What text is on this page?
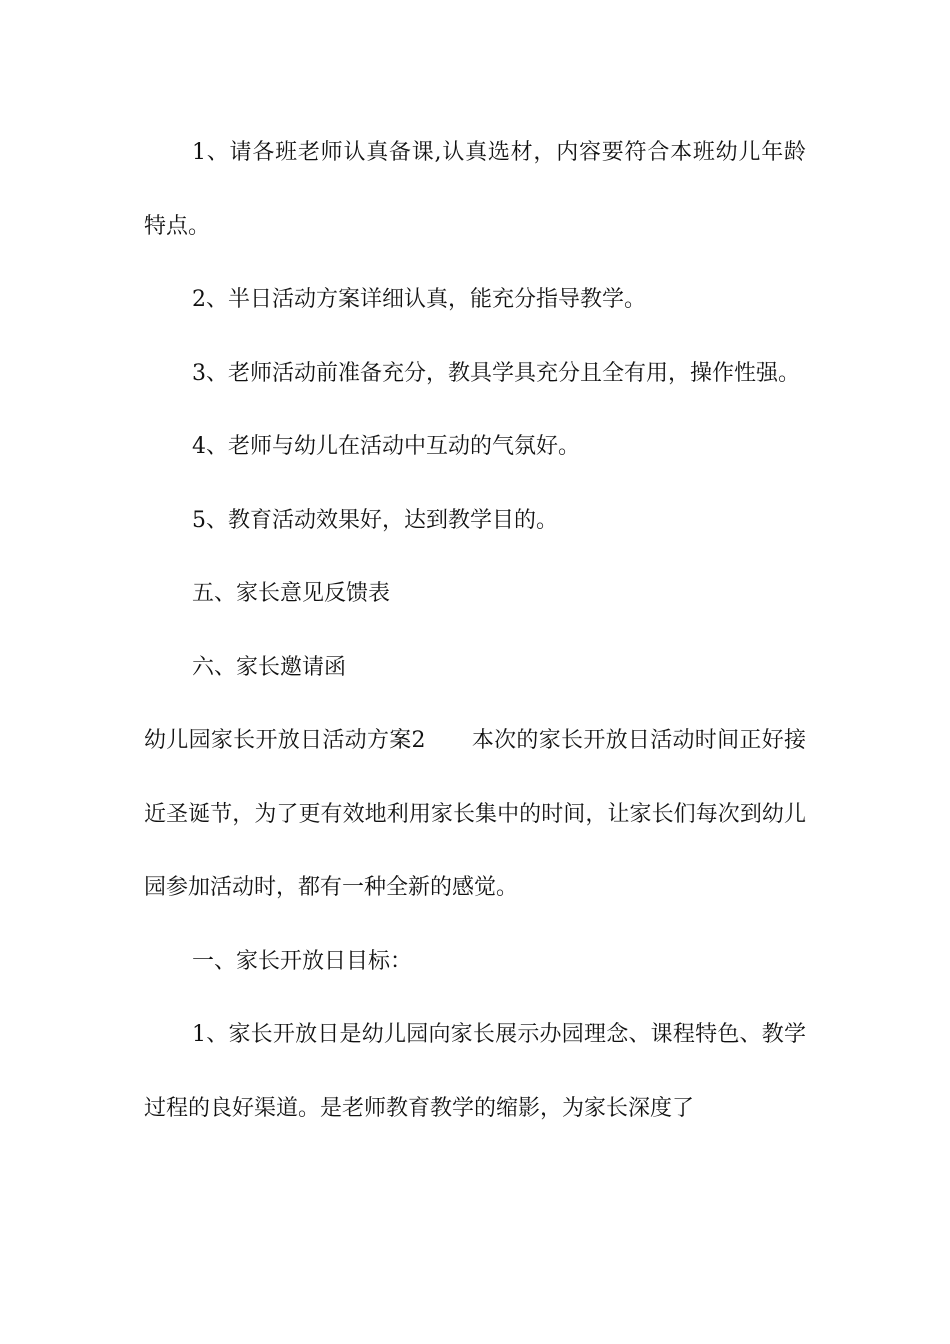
1、请各班老师认真备课,认真选材，内容要符合本班幼儿年龄特点。

2、半日活动方案详细认真，能充分指导教学。

3、老师活动前准备充分，教具学具充分且全有用，操作性强。

4、老师与幼儿在活动中互动的气氛好。

5、教育活动效果好，达到教学目的。

五、家长意见反馈表

六、家长邀请函

幼儿园家长开放日活动方案2 本次的家长开放日活动时间正好接近圣诞节，为了更有效地利用家长集中的时间，让家长们每次到幼儿园参加活动时，都有一种全新的感觉。

一、家长开放日目标：

1、家长开放日是幼儿园向家长展示办园理念、课程特色、教学过程的良好渠道。是老师教育教学的缩影，为家长深度了
